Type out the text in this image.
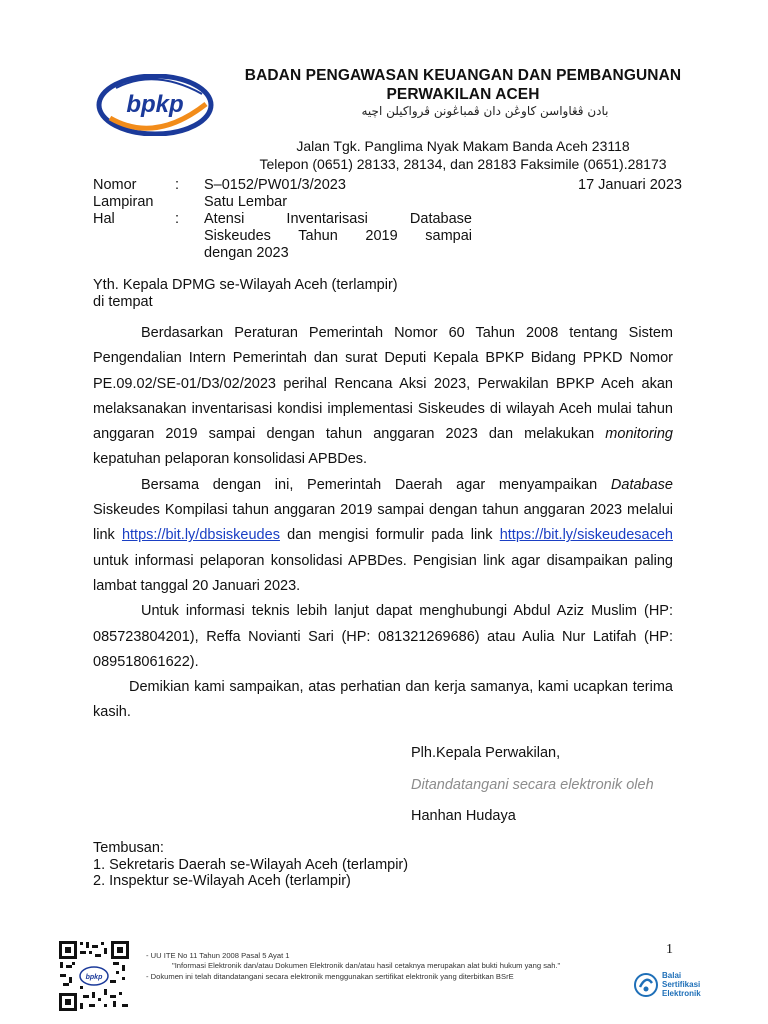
bpkp
BADAN PENGAWASAN KEUANGAN DAN PEMBANGUNAN
PERWAKILAN ACEH
بادن ڤڠاواسن كاوڠن دان ڤمباڠونن ڤرواكيلن اچيه
Jalan Tgk. Panglima Nyak Makam Banda Aceh 23118
Telepon (0651) 28133, 28134, dan 28183 Faksimile (0651).28173
Nomor	: S–0152/PW01/3/2023	17 Januari 2023
Lampiran	Satu Lembar
Hal	: Atensi Inventarisasi Database
Siskeudes Tahun 2019 sampai
dengan 2023
Yth. Kepala DPMG se-Wilayah Aceh (terlampir)
di tempat

Berdasarkan Peraturan Pemerintah Nomor 60 Tahun 2008 tentang Sistem Pengendalian Intern Pemerintah dan surat Deputi Kepala BPKP Bidang PPKD Nomor PE.09.02/SE-01/D3/02/2023 perihal Rencana Aksi 2023, Perwakilan BPKP Aceh akan melaksanakan inventarisasi kondisi implementasi Siskeudes di wilayah Aceh mulai tahun anggaran 2019 sampai dengan tahun anggaran 2023 dan melakukan monitoring kepatuhan pelaporan konsolidasi APBDes.

Bersama dengan ini, Pemerintah Daerah agar menyampaikan Database Siskeudes Kompilasi tahun anggaran 2019 sampai dengan tahun anggaran 2023 melalui link https://bit.ly/dbsiskeudes dan mengisi formulir pada link https://bit.ly/siskeudesaceh untuk informasi pelaporan konsolidasi APBDes. Pengisian link agar disampaikan paling lambat tanggal 20 Januari 2023.

Untuk informasi teknis lebih lanjut dapat menghubungi Abdul Aziz Muslim (HP: 085723804201), Reffa Novianti Sari (HP: 081321269686) atau Aulia Nur Latifah (HP: 089518061622).

Demikian kami sampaikan, atas perhatian dan kerja samanya, kami ucapkan terima kasih.

Plh.Kepala Perwakilan,
Ditandatangani secara elektronik oleh
Hanhan Hudaya
Tembusan:
1. Sekretaris Daerah se-Wilayah Aceh (terlampir)
2. Inspektur se-Wilayah Aceh (terlampir)
1
bpkp
- UU ITE No 11 Tahun 2008 Pasal 5 Ayat 1
"Informasi Elektronik dan/atau Dokumen Elektronik dan/atau hasil cetaknya merupakan alat bukti hukum yang sah."
- Dokumen ini telah ditandatangani secara elektronik menggunakan sertifikat elektronik yang diterbitkan BSrE	Balai
Sertifikasi
Elektronik
